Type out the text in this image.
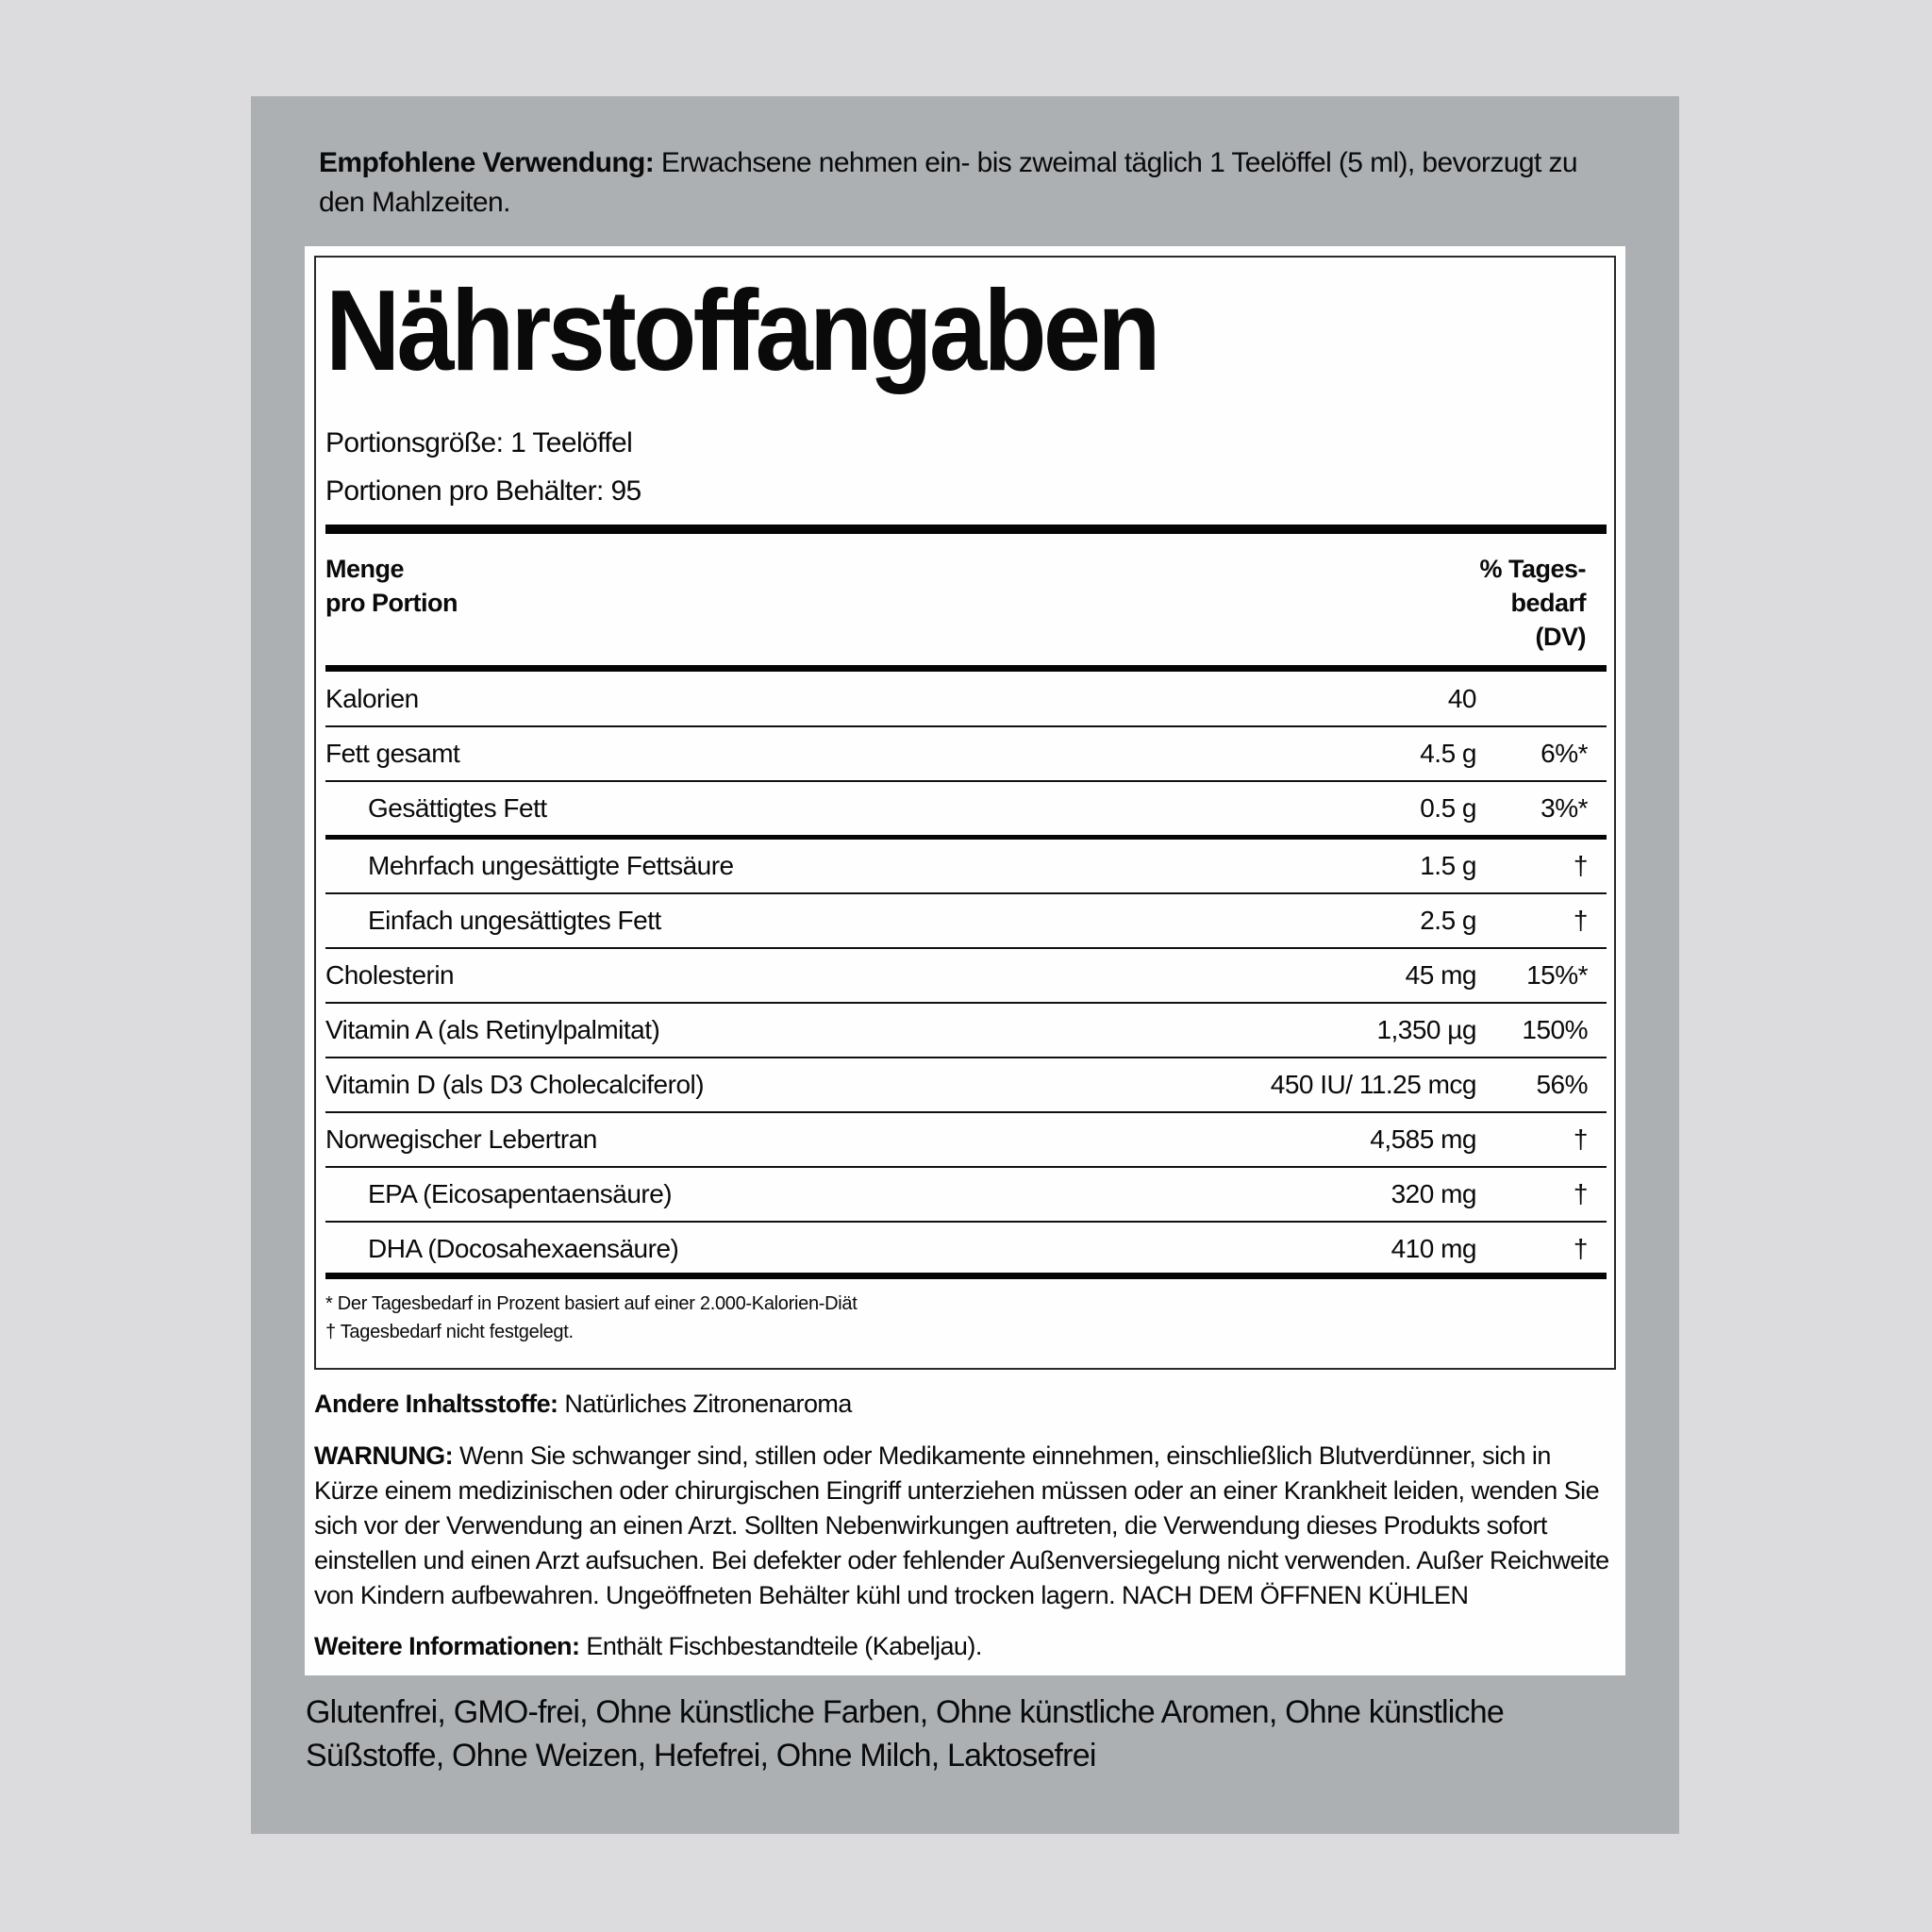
Empfohlene Verwendung: Erwachsene nehmen ein- bis zweimal täglich 1 Teelöffel (5 ml), bevorzugt zu den Mahlzeiten.
Nährstoffangaben
Portionsgröße: 1 Teelöffel
Portionen pro Behälter: 95
Menge
pro Portion
% Tages-
bedarf
(DV)
Kalorien	40
Fett gesamt	4.5 g 6%*
Gesättigtes Fett	0.5 g 3%*
Mehrfach ungesättigte Fettsäure	1.5 g	†
Einfach ungesättigtes Fett	2.5 g	†
Cholesterin	45 mg 15%*
Vitamin A (als Retinylpalmitat)	1,350 µg 150%
Vitamin D (als D3 Cholecalciferol)	450 IU/ 11.25 mcg 56%
Norwegischer Lebertran	4,585 mg	†
EPA (Eicosapentaensäure)	320 mg	†
DHA (Docosahexaensäure)	410 mg	†
* Der Tagesbedarf in Prozent basiert auf einer 2.000-Kalorien-Diät
† Tagesbedarf nicht festgelegt.
Andere Inhaltsstoffe: Natürliches Zitronenaroma
WARNUNG: Wenn Sie schwanger sind, stillen oder Medikamente einnehmen, einschließlich Blutverdünner, sich in Kürze einem medizinischen oder chirurgischen Eingriff unterziehen müssen oder an einer Krankheit leiden, wenden Sie sich vor der Verwendung an einen Arzt. Sollten Nebenwirkungen auftreten, die Verwendung dieses Produkts sofort einstellen und einen Arzt aufsuchen. Bei defekter oder fehlender Außenversiegelung nicht verwenden. Außer Reichweite von Kindern aufbewahren. Ungeöffneten Behälter kühl und trocken lagern. NACH DEM ÖFFNEN KÜHLEN
Weitere Informationen: Enthält Fischbestandteile (Kabeljau).
Glutenfrei, GMO-frei, Ohne künstliche Farben, Ohne künstliche Aromen, Ohne künstliche Süßstoffe, Ohne Weizen, Hefefrei, Ohne Milch, Laktosefrei
